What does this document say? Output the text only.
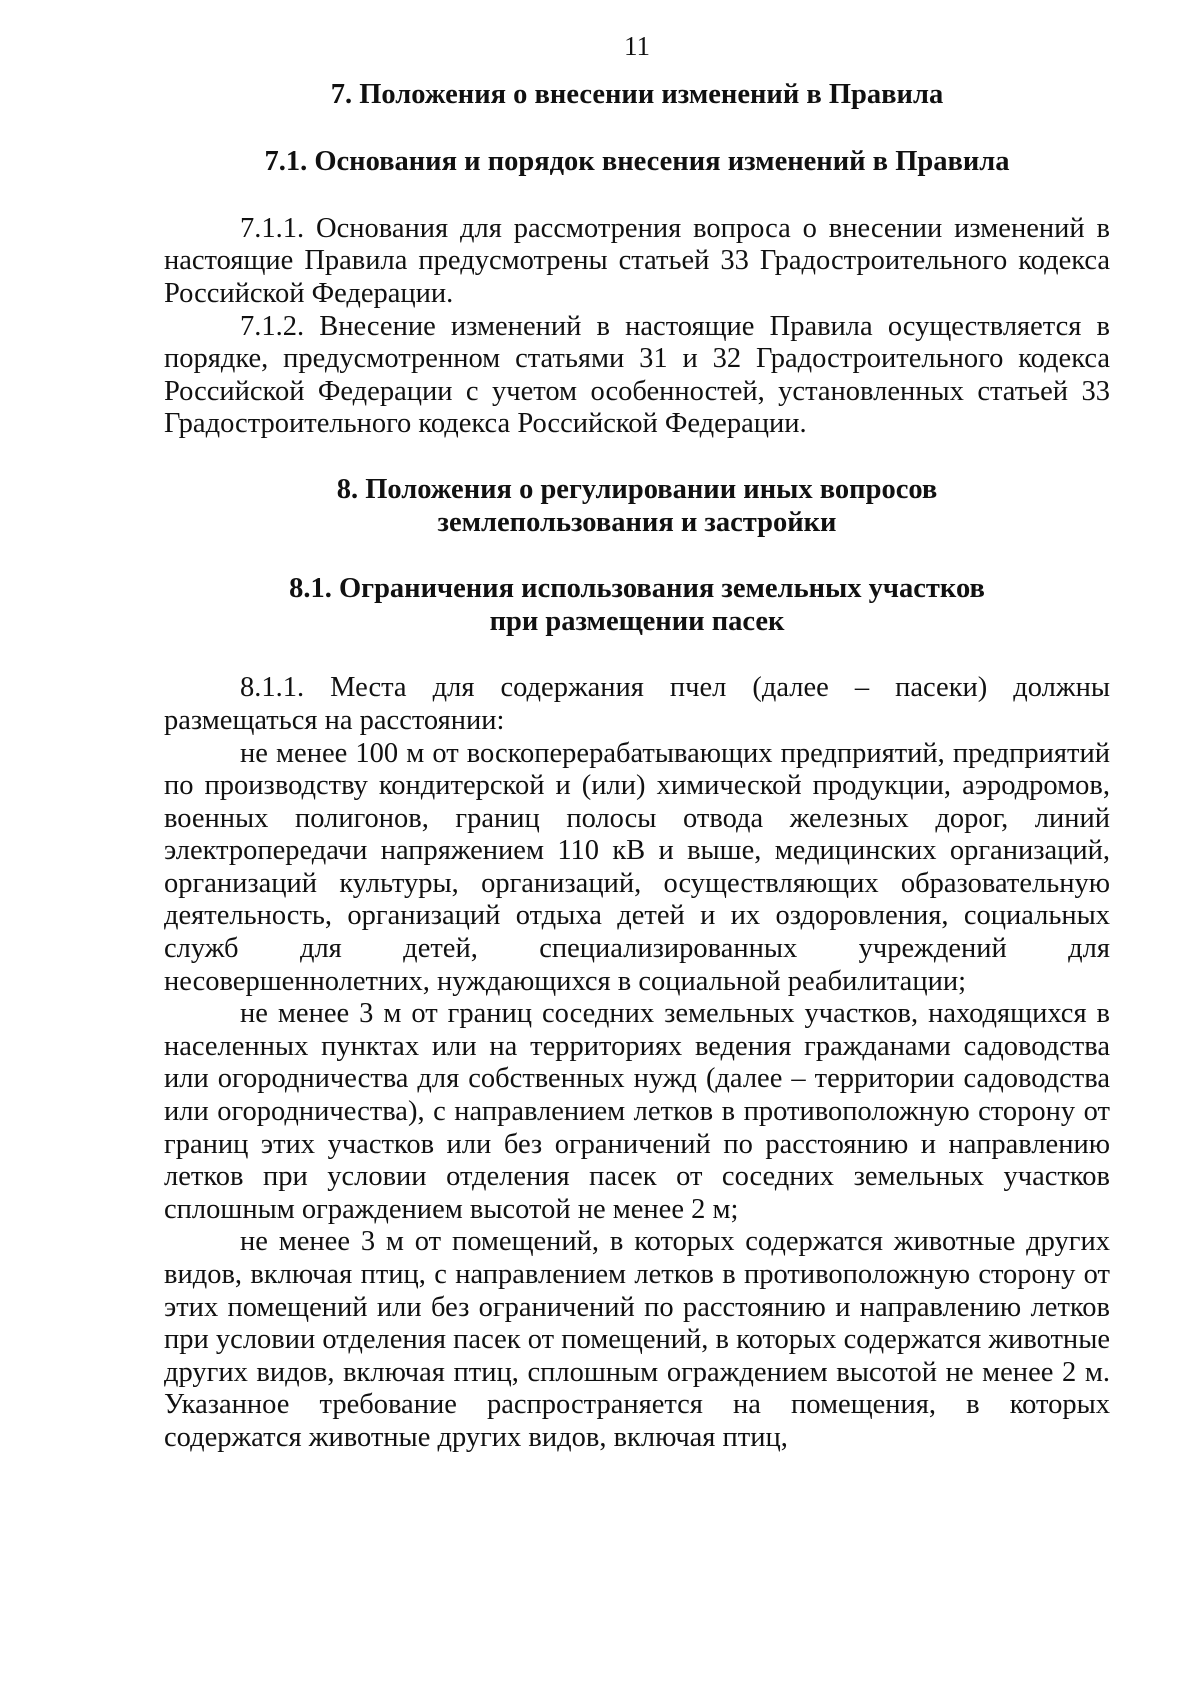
11

7. Положения о внесении изменений в Правила

7.1. Основания и порядок внесения изменений в Правила

7.1.1. Основания для рассмотрения вопроса о внесении изменений в настоящие Правила предусмотрены статьей 33 Градостроительного кодекса Российской Федерации.

7.1.2. Внесение изменений в настоящие Правила осуществляется в порядке, предусмотренном статьями 31 и 32 Градостроительного кодекса Российской Федерации с учетом особенностей, установленных статьей 33 Градостроительного кодекса Российской Федерации.

8. Положения о регулировании иных вопросов
землепользования и застройки
8.1. Ограничения использования земельных участков
при размещении пасек

8.1.1. Места для содержания пчел (далее – пасеки) должны размещаться на расстоянии:

не менее 100 м от воскоперерабатывающих предприятий, предприятий по производству кондитерской и (или) химической продукции, аэродромов, военных полигонов, границ полосы отвода железных дорог, линий электропередачи напряжением 110 кВ и выше, медицинских организаций, организаций культуры, организаций, осуществляющих образовательную деятельность, организаций отдыха детей и их оздоровления, социальных служб для детей, специализированных учреждений для несовершеннолетних, нуждающихся в социальной реабилитации;

не менее 3 м от границ соседних земельных участков, находящихся в населенных пунктах или на территориях ведения гражданами садоводства или огородничества для собственных нужд (далее – территории садоводства или огородничества), с направлением летков в противоположную сторону от границ этих участков или без ограничений по расстоянию и направлению летков при условии отделения пасек от соседних земельных участков сплошным ограждением высотой не менее 2 м;

не менее 3 м от помещений, в которых содержатся животные других видов, включая птиц, с направлением летков в противоположную сторону от этих помещений или без ограничений по расстоянию и направлению летков при условии отделения пасек от помещений, в которых содержатся животные других видов, включая птиц, сплошным ограждением высотой не менее 2 м. Указанное требование распространяется на помещения, в которых содержатся животные других видов, включая птиц,
